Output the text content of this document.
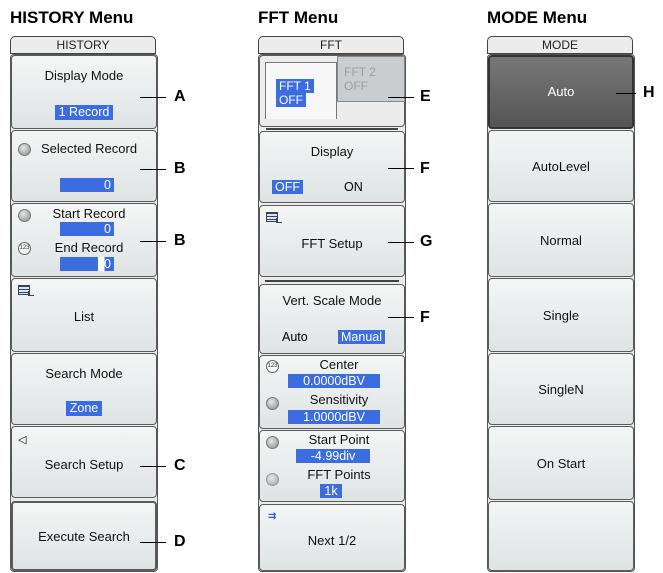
HISTORY Menu	FFT Menu	MODE Menu
HISTORY
Display Mode
1 Record
Selected Record
0
Start Record
0
123	End Record
0
List
Search Mode
Zone
◁
Search Setup
Execute Search
A
B
B
C
D
FFT
FFT 1
OFF
FFT 2
OFF
Display
OFF	ON
FFT Setup
Vert. Scale Mode
Auto	Manual
123	Center
0.0000dBV
Sensitivity
1.0000dBV
Start Point
-4.99div
FFT Points
1k
⇉
Next 1/2
E
F
G
F
MODE
Auto
AutoLevel
Normal
Single
SingleN
On Start
H
